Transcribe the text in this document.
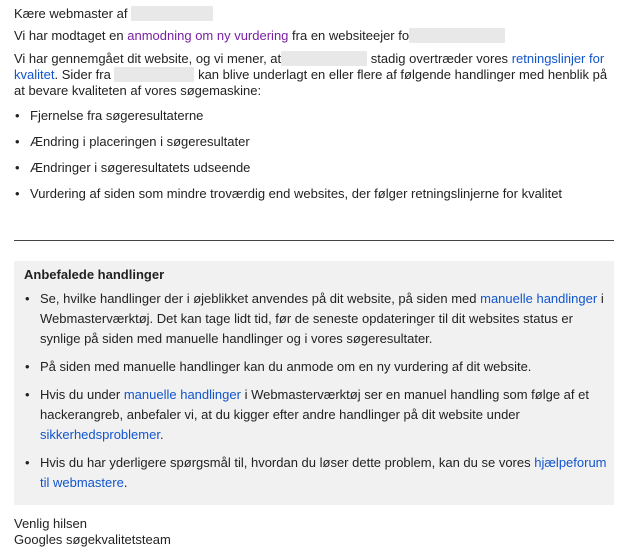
Kære webmaster af
Vi har modtaget en anmodning om ny vurdering fra en websiteejer fo
Vi har gennemgået dit website, og vi mener, at	stadig overtræder vores retningslinjer for
kvalitet. Sider fra	kan blive underlagt en eller flere af følgende handlinger med henblik på
at bevare kvaliteten af vores søgemaskine:
• Fjernelse fra søgeresultaterne
• Ændring i placeringen i søgeresultater
• Ændringer i søgeresultatets udseende
• Vurdering af siden som mindre troværdig end websites, der følger retningslinjerne for kvalitet

Anbefalede handlinger

• Se, hvilke handlinger der i øjeblikket anvendes på dit website, på siden med manuelle handlinger i
Webmasterværktøj. Det kan tage lidt tid, før de seneste opdateringer til dit websites status er
synlige på siden med manuelle handlinger og i vores søgeresultater.
• På siden med manuelle handlinger kan du anmode om en ny vurdering af dit website.
• Hvis du under manuelle handlinger i Webmasterværktøj ser en manuel handling som følge af et
hackerangreb, anbefaler vi, at du kigger efter andre handlinger på dit website under
sikkerhedsproblemer.
• Hvis du har yderligere spørgsmål til, hvordan du løser dette problem, kan du se vores hjælpeforum
til webmastere.
Venlig hilsen
Googles søgekvalitetsteam
